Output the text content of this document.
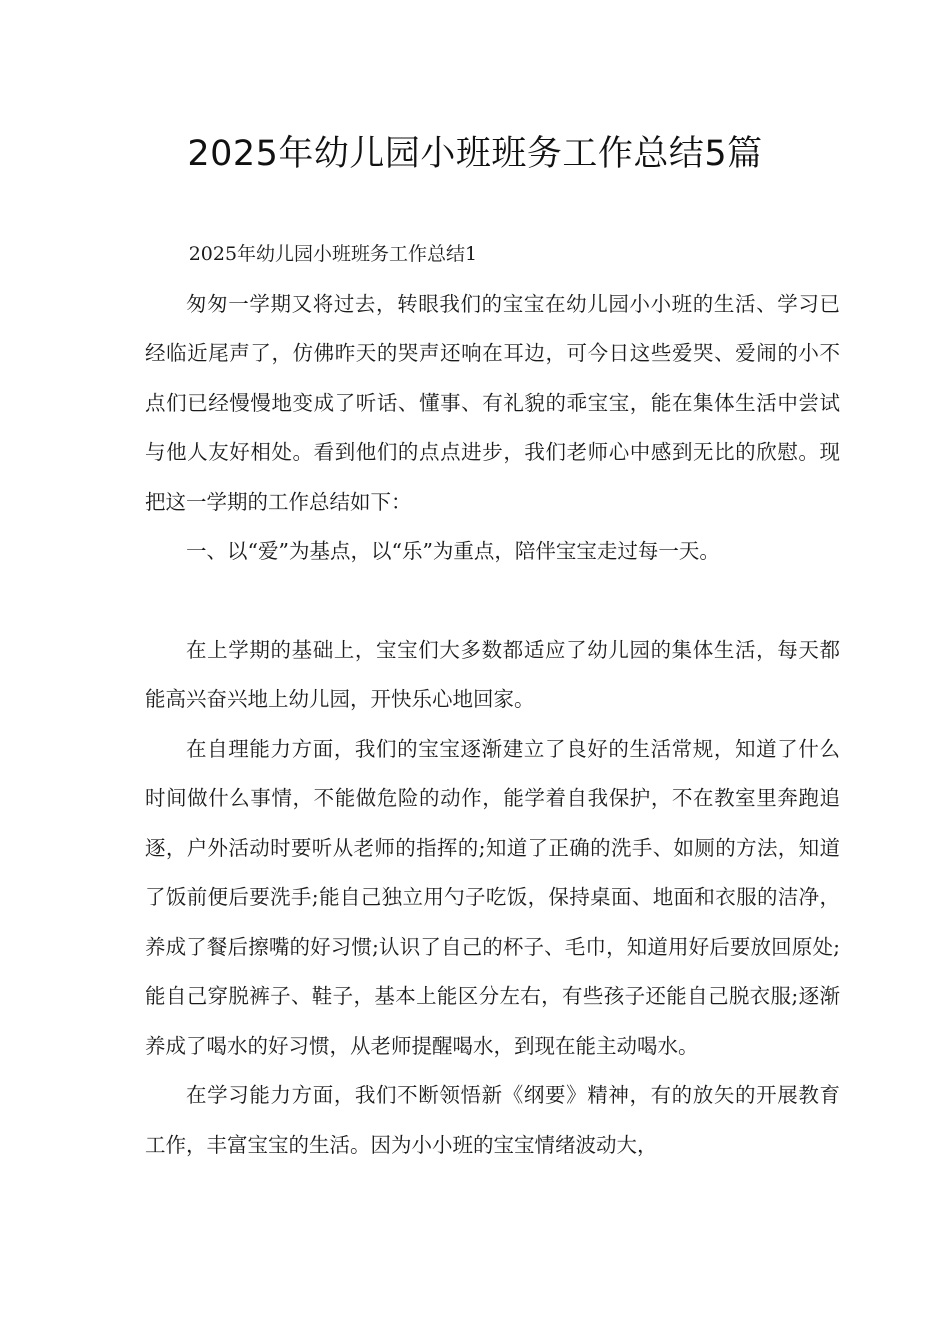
2025年幼儿园小班班务工作总结5篇

2025年幼儿园小班班务工作总结1

匆匆一学期又将过去，转眼我们的宝宝在幼儿园小小班的生活、学习已经临近尾声了，仿佛昨天的哭声还响在耳边，可今日这些爱哭、爱闹的小不点们已经慢慢地变成了听话、懂事、有礼貌的乖宝宝，能在集体生活中尝试与他人友好相处。看到他们的点点进步，我们老师心中感到无比的欣慰。现把这一学期的工作总结如下：

一、以“爱”为基点，以“乐”为重点，陪伴宝宝走过每一天。

在上学期的基础上，宝宝们大多数都适应了幼儿园的集体生活，每天都能高兴奋兴地上幼儿园，开快乐心地回家。

在自理能力方面，我们的宝宝逐渐建立了良好的生活常规，知道了什么时间做什么事情，不能做危险的动作，能学着自我保护，不在教室里奔跑追逐，户外活动时要听从老师的指挥的;知道了正确的洗手、如厕的方法，知道了饭前便后要洗手;能自己独立用勺子吃饭，保持桌面、地面和衣服的洁净，养成了餐后擦嘴的好习惯;认识了自己的杯子、毛巾，知道用好后要放回原处;能自己穿脱裤子、鞋子，基本上能区分左右，有些孩子还能自己脱衣服;逐渐养成了喝水的好习惯，从老师提醒喝水，到现在能主动喝水。

在学习能力方面，我们不断领悟新《纲要》精神，有的放矢的开展教育工作，丰富宝宝的生活。因为小小班的宝宝情绪波动大，
